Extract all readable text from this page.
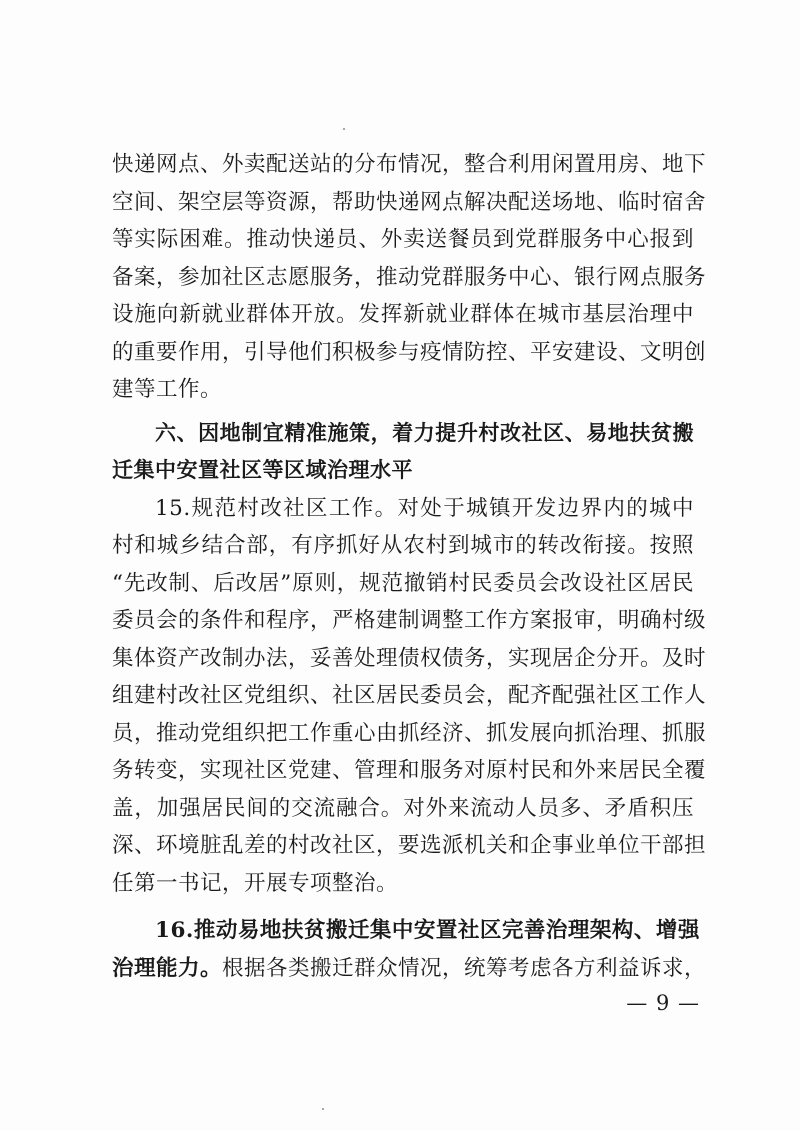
快递网点、外卖配送站的分布情况，整合利用闲置用房、地下
空间、架空层等资源，帮助快递网点解决配送场地、临时宿舍
等实际困难。推动快递员、外卖送餐员到党群服务中心报到
备案，参加社区志愿服务，推动党群服务中心、银行网点服务
设施向新就业群体开放。发挥新就业群体在城市基层治理中
的重要作用，引导他们积极参与疫情防控、平安建设、文明创
建等工作。
六、因地制宜精准施策，着力提升村改社区、易地扶贫搬
迁集中安置社区等区域治理水平
15.规范村改社区工作。对处于城镇开发边界内的城中
村和城乡结合部，有序抓好从农村到城市的转改衔接。按照
“先改制、后改居”原则，规范撤销村民委员会改设社区居民
委员会的条件和程序，严格建制调整工作方案报审，明确村级
集体资产改制办法，妥善处理债权债务，实现居企分开。及时
组建村改社区党组织、社区居民委员会，配齐配强社区工作人
员，推动党组织把工作重心由抓经济、抓发展向抓治理、抓服
务转变，实现社区党建、管理和服务对原村民和外来居民全覆
盖，加强居民间的交流融合。对外来流动人员多、矛盾积压
深、环境脏乱差的村改社区，要选派机关和企事业单位干部担
任第一书记，开展专项整治。
16.推动易地扶贫搬迁集中安置社区完善治理架构、增强
治理能力。根据各类搬迁群众情况，统筹考虑各方利益诉求，
— 9 —
